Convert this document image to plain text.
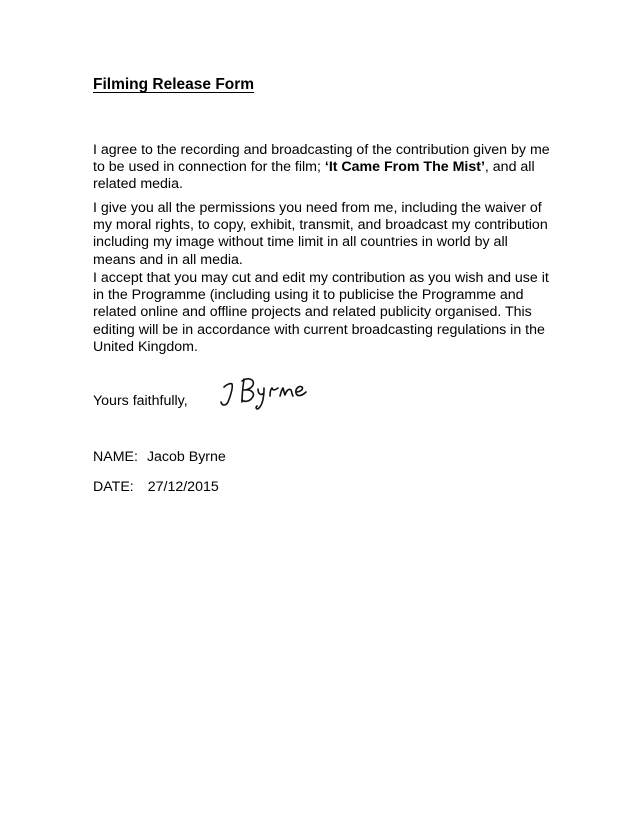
Filming Release Form

I agree to the recording and broadcasting of the contribution given by me to be used in connection for the film; ‘It Came From The Mist’, and all related media.

I give you all the permissions you need from me, including the waiver of my moral rights, to copy, exhibit, transmit, and broadcast my contribution including my image without time limit in all countries in world by all means and in all media.

I accept that you may cut and edit my contribution as you wish and use it in the Programme (including using it to publicise the Programme and related online and offline projects and related publicity organised. This editing will be in accordance with current broadcasting regulations in the United Kingdom.

Yours faithfully,
NAME: Jacob Byrne
DATE: 27/12/2015
